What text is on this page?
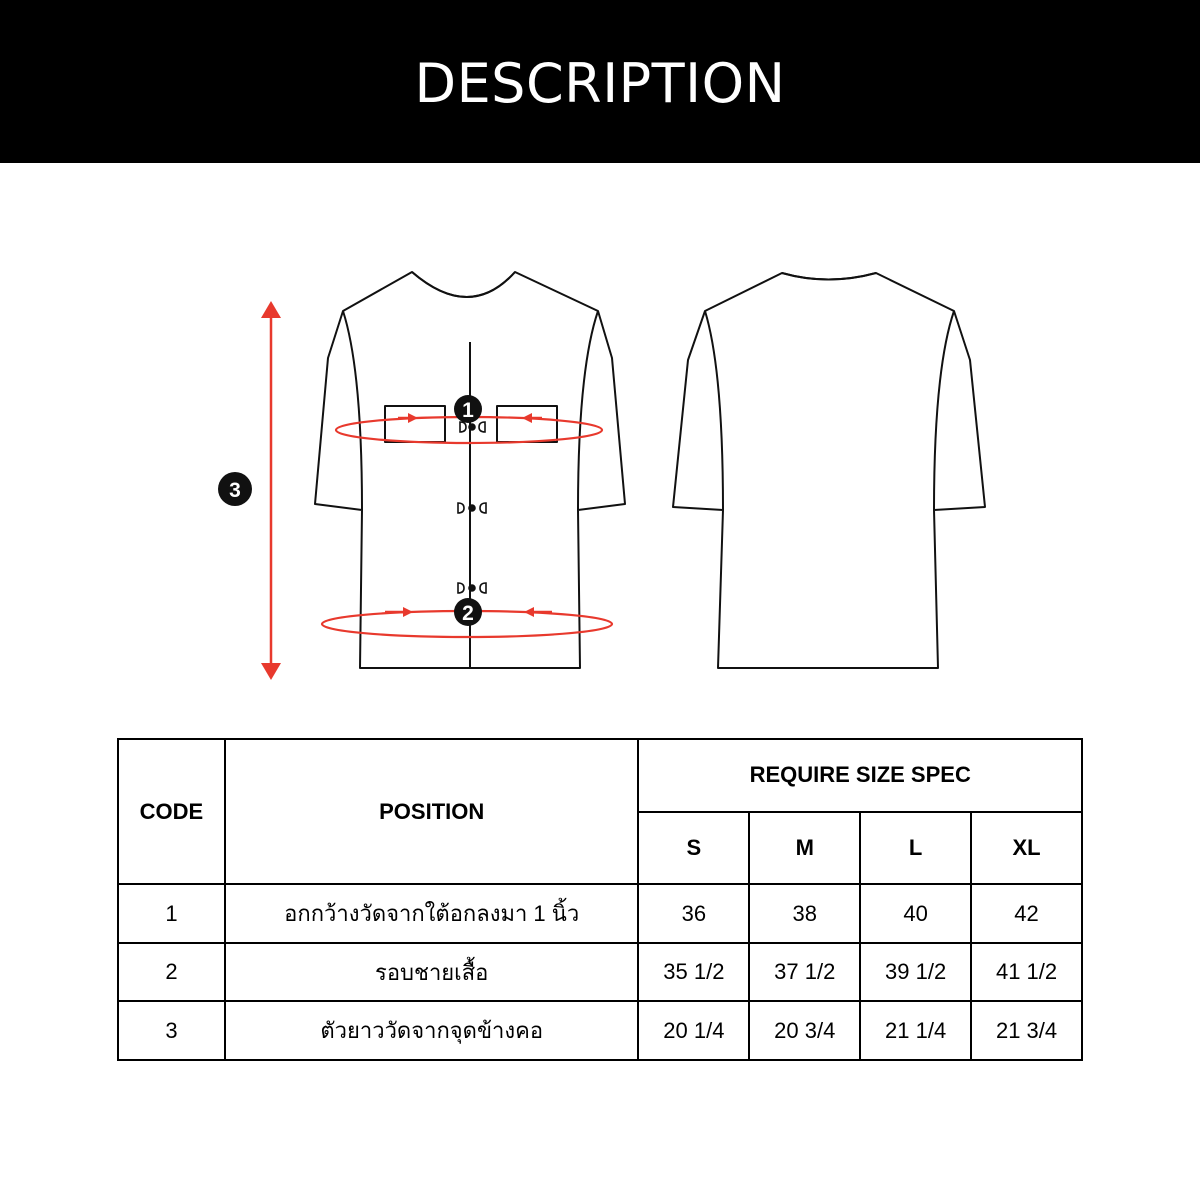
DESCRIPTION
1
2
3
CODE	POSITION	REQUIRE SIZE SPEC			
		S	M	L	XL
1	อกกว้างวัดจากใต้อกลงมา 1 นิ้ว	36	38	40	42
2	รอบชายเสื้อ	35 1/2	37 1/2	39 1/2	41 1/2
3	ตัวยาววัดจากจุดข้างคอ	20 1/4	20 3/4	21 1/4	21 3/4
